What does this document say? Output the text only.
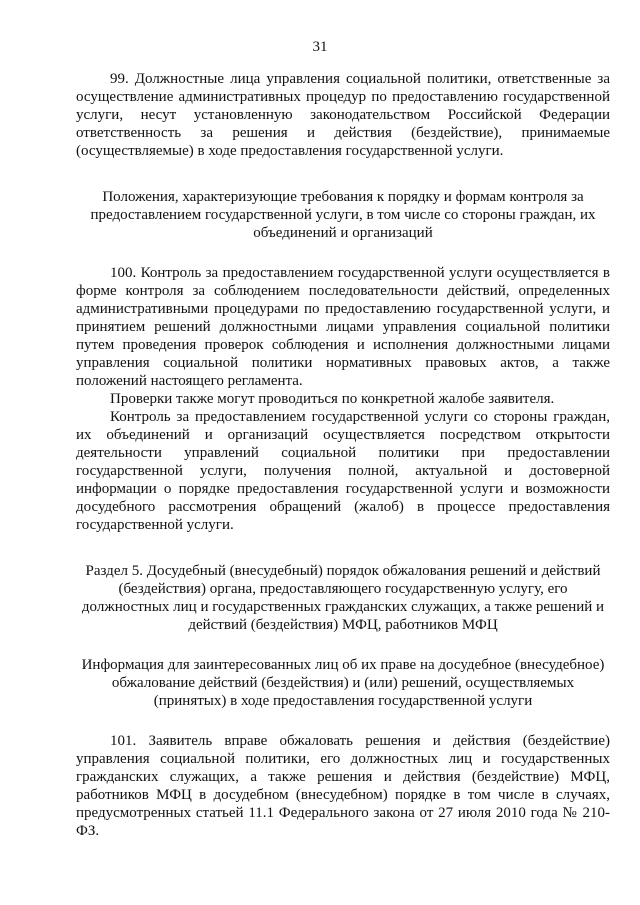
31

99. Должностные лица управления социальной политики, ответственные за осуществление административных процедур по предоставлению государственной услуги, несут установленную законодательством Российской Федерации ответственность за решения и действия (бездействие), принимаемые (осуществляемые) в ходе предоставления государственной услуги.

Положения, характеризующие требования к порядку и формам контроля за предоставлением государственной услуги, в том числе со стороны граждан, их объединений и организаций

100. Контроль за предоставлением государственной услуги осуществляется в форме контроля за соблюдением последовательности действий, определенных административными процедурами по предоставлению государственной услуги, и принятием решений должностными лицами управления социальной политики путем проведения проверок соблюдения и исполнения должностными лицами управления социальной политики нормативных правовых актов, а также положений настоящего регламента.

Проверки также могут проводиться по конкретной жалобе заявителя.

Контроль за предоставлением государственной услуги со стороны граждан, их объединений и организаций осуществляется посредством открытости деятельности управлений социальной политики при предоставлении государственной услуги, получения полной, актуальной и достоверной информации о порядке предоставления государственной услуги и возможности досудебного рассмотрения обращений (жалоб) в процессе предоставления государственной услуги.

Раздел 5. Досудебный (внесудебный) порядок обжалования решений и действий (бездействия) органа, предоставляющего государственную услугу, его должностных лиц и государственных гражданских служащих, а также решений и действий (бездействия) МФЦ, работников МФЦ

Информация для заинтересованных лиц об их праве на досудебное (внесудебное) обжалование действий (бездействия) и (или) решений, осуществляемых (принятых) в ходе предоставления государственной услуги

101. Заявитель вправе обжаловать решения и действия (бездействие) управления социальной политики, его должностных лиц и государственных гражданских служащих, а также решения и действия (бездействие) МФЦ, работников МФЦ в досудебном (внесудебном) порядке в том числе в случаях, предусмотренных статьей 11.1 Федерального закона от 27 июля 2010 года № 210-ФЗ.
